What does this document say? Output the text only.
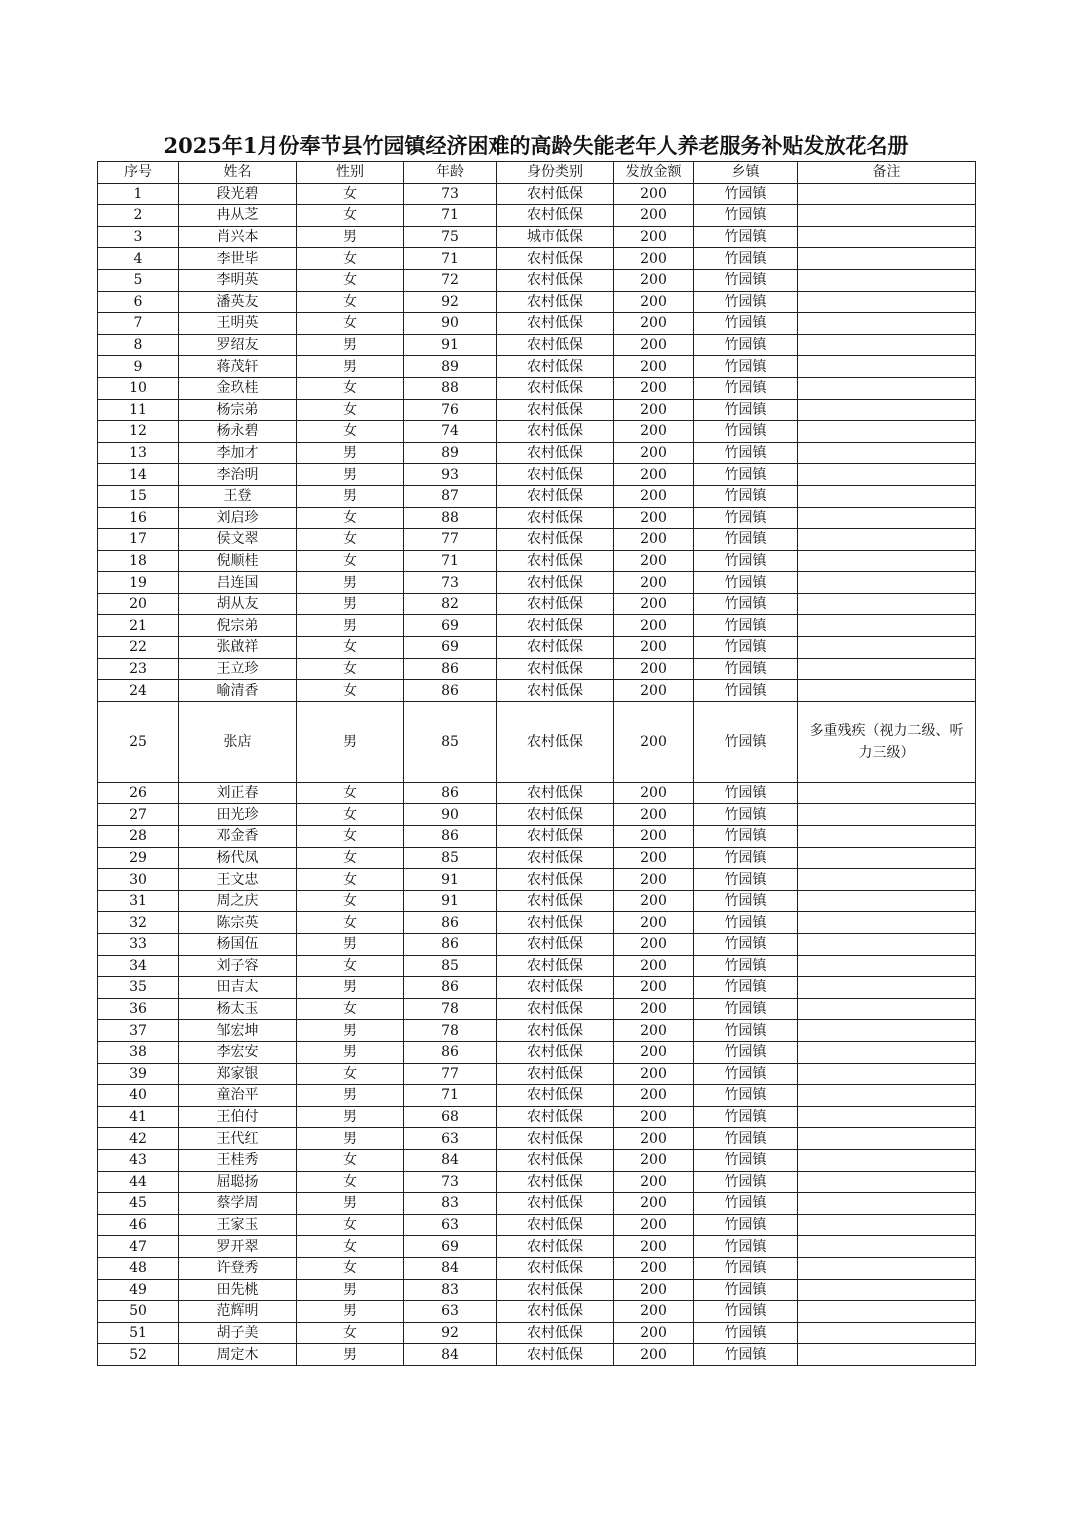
2025年1月份奉节县竹园镇经济困难的高龄失能老年人养老服务补贴发放花名册
序号	姓名	性别	年龄	身份类别	发放金额	乡镇	备注
1	段光碧	女	73	农村低保	200	竹园镇	
2	冉从芝	女	71	农村低保	200	竹园镇	
3	肖兴本	男	75	城市低保	200	竹园镇	
4	李世毕	女	71	农村低保	200	竹园镇	
5	李明英	女	72	农村低保	200	竹园镇	
6	潘英友	女	92	农村低保	200	竹园镇	
7	王明英	女	90	农村低保	200	竹园镇	
8	罗绍友	男	91	农村低保	200	竹园镇	
9	蒋茂轩	男	89	农村低保	200	竹园镇	
10	金玖桂	女	88	农村低保	200	竹园镇	
11	杨宗弟	女	76	农村低保	200	竹园镇	
12	杨永碧	女	74	农村低保	200	竹园镇	
13	李加才	男	89	农村低保	200	竹园镇	
14	李治明	男	93	农村低保	200	竹园镇	
15	王登	男	87	农村低保	200	竹园镇	
16	刘启珍	女	88	农村低保	200	竹园镇	
17	侯文翠	女	77	农村低保	200	竹园镇	
18	倪顺桂	女	71	农村低保	200	竹园镇	
19	吕连国	男	73	农村低保	200	竹园镇	
20	胡从友	男	82	农村低保	200	竹园镇	
21	倪宗弟	男	69	农村低保	200	竹园镇	
22	张啟祥	女	69	农村低保	200	竹园镇	
23	王立珍	女	86	农村低保	200	竹园镇	
24	喻清香	女	86	农村低保	200	竹园镇	
25	张店	男	85	农村低保	200	竹园镇	多重残疾（视力二级、听力三级）
26	刘正春	女	86	农村低保	200	竹园镇	
27	田光珍	女	90	农村低保	200	竹园镇	
28	邓金香	女	86	农村低保	200	竹园镇	
29	杨代凤	女	85	农村低保	200	竹园镇	
30	王文忠	女	91	农村低保	200	竹园镇	
31	周之庆	女	91	农村低保	200	竹园镇	
32	陈宗英	女	86	农村低保	200	竹园镇	
33	杨国伍	男	86	农村低保	200	竹园镇	
34	刘子容	女	85	农村低保	200	竹园镇	
35	田吉太	男	86	农村低保	200	竹园镇	
36	杨太玉	女	78	农村低保	200	竹园镇	
37	邹宏坤	男	78	农村低保	200	竹园镇	
38	李宏安	男	86	农村低保	200	竹园镇	
39	郑家银	女	77	农村低保	200	竹园镇	
40	童治平	男	71	农村低保	200	竹园镇	
41	王伯付	男	68	农村低保	200	竹园镇	
42	王代红	男	63	农村低保	200	竹园镇	
43	王桂秀	女	84	农村低保	200	竹园镇	
44	屈聪扬	女	73	农村低保	200	竹园镇	
45	蔡学周	男	83	农村低保	200	竹园镇	
46	王家玉	女	63	农村低保	200	竹园镇	
47	罗开翠	女	69	农村低保	200	竹园镇	
48	许登秀	女	84	农村低保	200	竹园镇	
49	田先桃	男	83	农村低保	200	竹园镇	
50	范辉明	男	63	农村低保	200	竹园镇	
51	胡子美	女	92	农村低保	200	竹园镇	
52	周定木	男	84	农村低保	200	竹园镇	
